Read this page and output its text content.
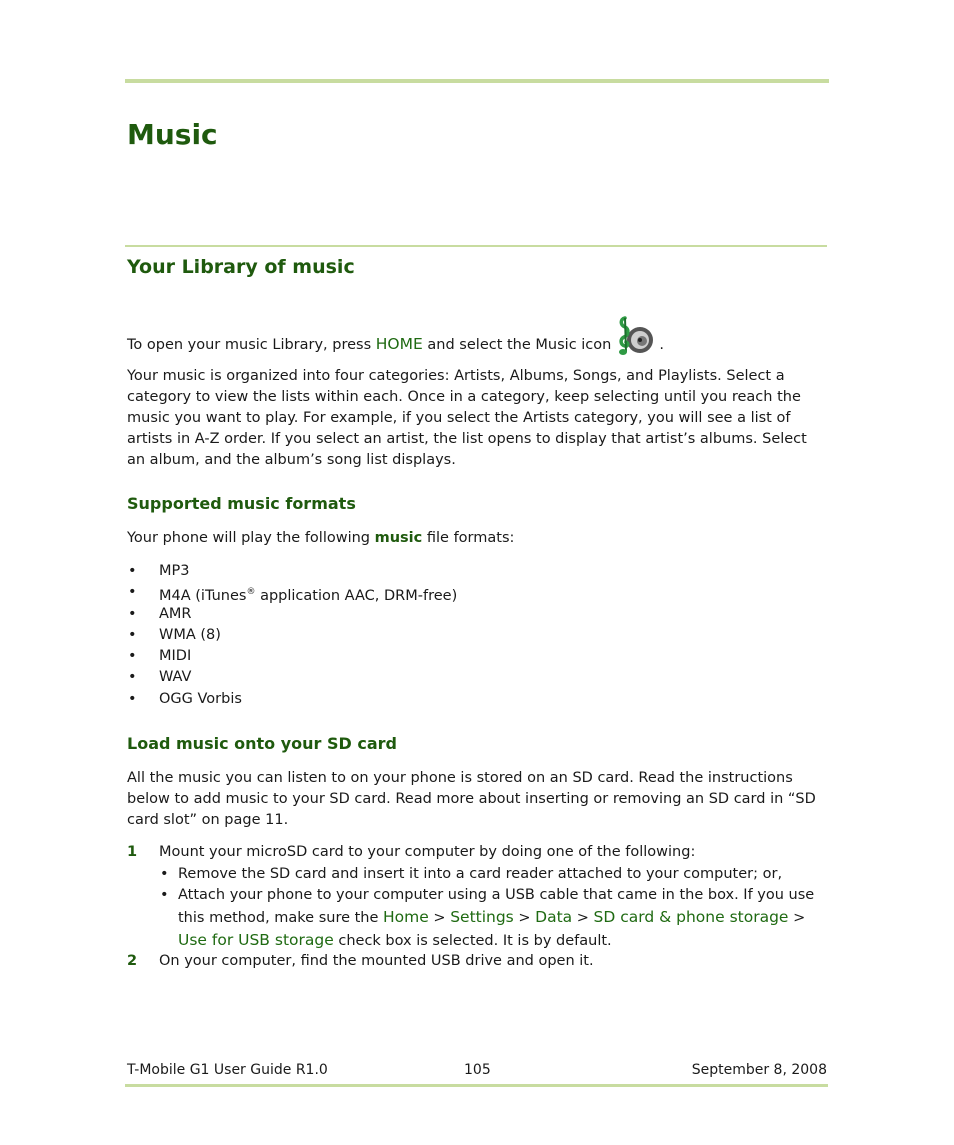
Music
Your Library of music

To open your music Library, press HOME and select the Music icon	.

Your music is organized into four categories: Artists, Albums, Songs, and Playlists. Select a category to view the lists within each. Once in a category, keep selecting until you reach the music you want to play. For example, if you select the Artists category, you will see a list of artists in A-Z order. If you select an artist, the list opens to display that artist’s albums. Select an album, and the album’s song list displays.

Supported music formats

Your phone will play the following music file formats:

• MP3
• M4A (iTunes® application AAC, DRM-free)
• AMR
• WMA (8)
• MIDI
• WAV
• OGG Vorbis
Load music onto your SD card

All the music you can listen to on your phone is stored on an SD card. Read the instructions below to add music to your SD card. Read more about inserting or removing an SD card in “SD card slot” on page 11.

1 Mount your microSD card to your computer by doing one of the following:
• Remove the SD card and insert it into a card reader attached to your computer; or,
• Attach your phone to your computer using a USB cable that came in the box. If you use this method, make sure the Home > Settings > Data > SD card & phone storage > Use for USB storage check box is selected. It is by default.
2 On your computer, find the mounted USB drive and open it.
T-Mobile G1 User Guide R1.0	105	September 8, 2008
